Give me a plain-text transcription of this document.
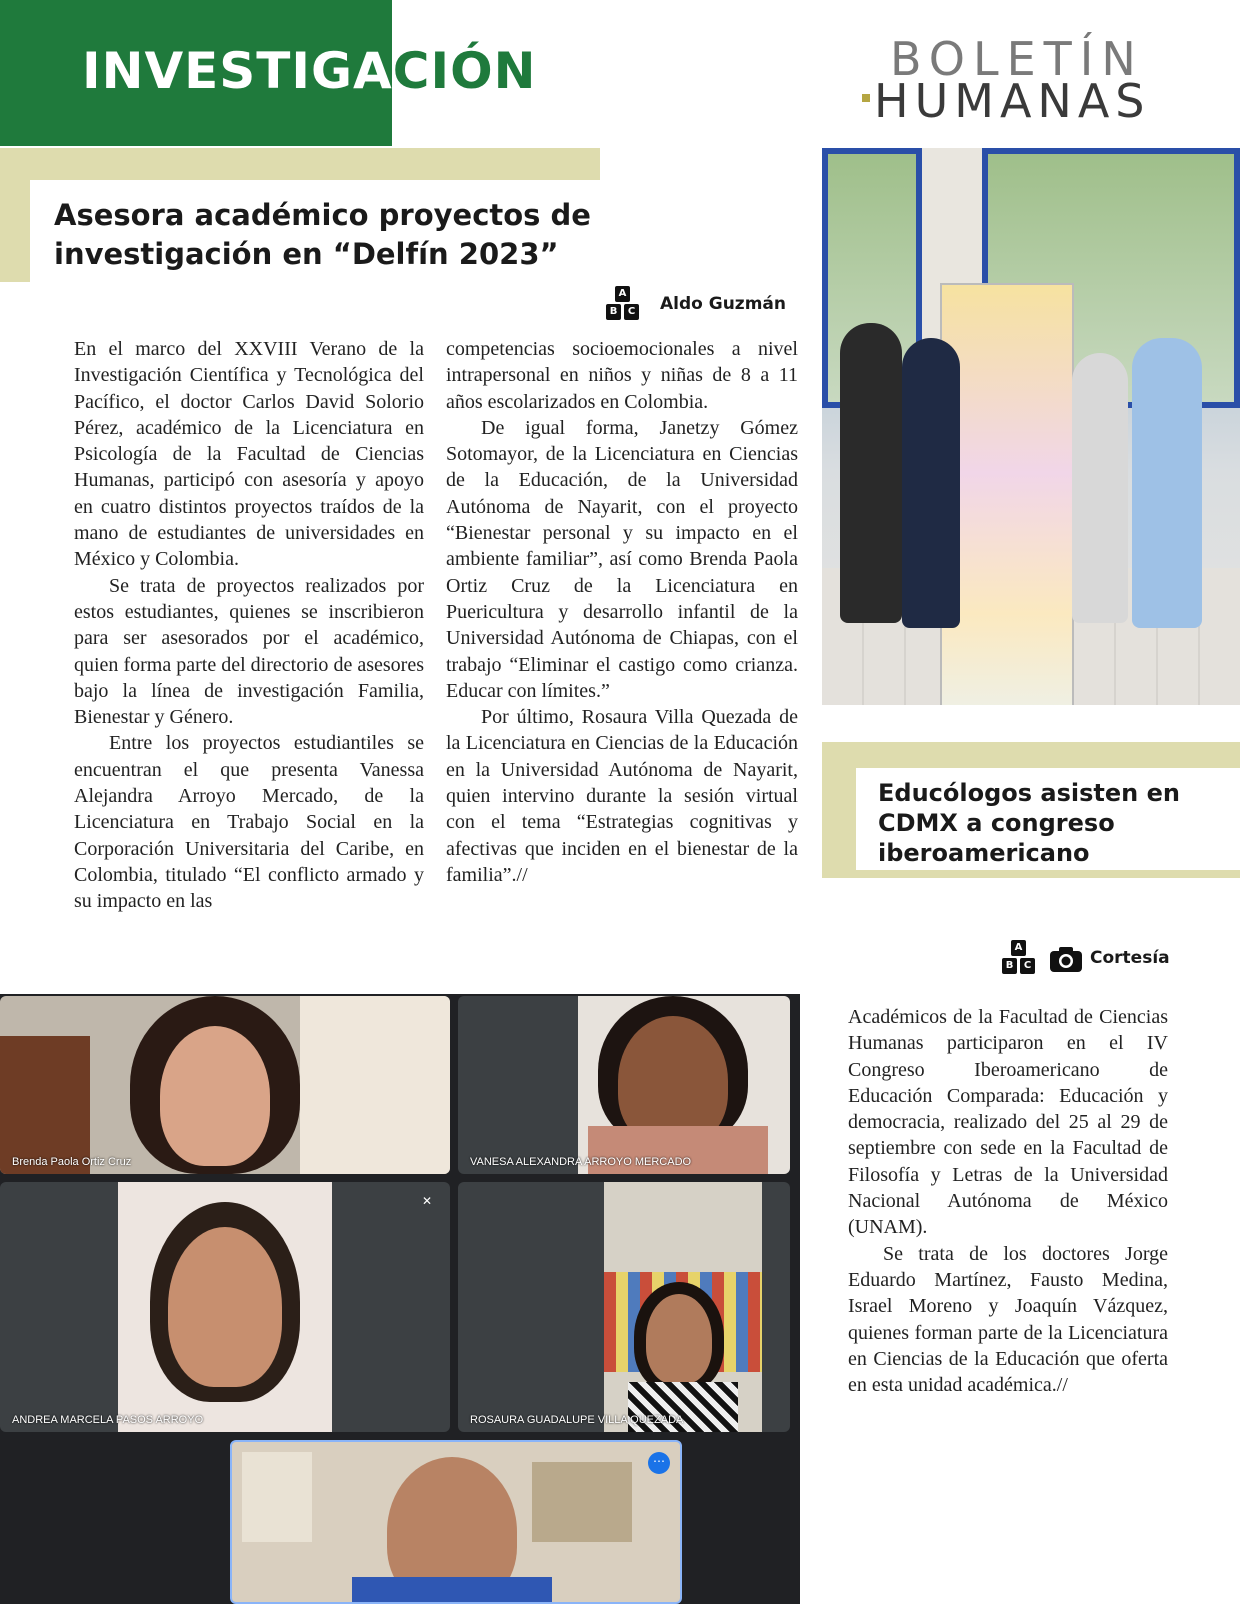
INVESTIGACIÓN	BOLETÍN
HUMANAS
Asesora académico proyectos de investigación en “Delfín 2023”
A
B	C Aldo Guzmán

En el marco del XXVIII Verano de la Investigación Científica y Tecnológica del Pacífico, el doctor Carlos David Solorio Pérez, académico de la Licenciatura en Psicología de la Facultad de Ciencias Humanas, participó con asesoría y apoyo en cuatro distintos proyectos traídos de la mano de estudiantes de universidades en México y Colombia.

Se trata de proyectos realizados por estos estudiantes, quienes se inscribieron para ser asesorados por el académico, quien forma parte del directorio de asesores bajo la línea de investigación Familia, Bienestar y Género.

Entre los proyectos estudiantiles se encuentran el que presenta Vanessa Alejandra Arroyo Mercado, de la Licenciatura en Trabajo Social en la Corporación Universitaria del Caribe, en Colombia, titulado “El conflicto armado y su impacto en las

competencias socioemocionales a nivel intrapersonal en niños y niñas de 8 a 11 años escolarizados en Colombia.

De igual forma, Janetzy Gómez Sotomayor, de la Licenciatura en Ciencias de la Educación, de la Universidad Autónoma de Nayarit, con el proyecto “Bienestar personal y su impacto en el ambiente familiar”, así como Brenda Paola Ortiz Cruz de la Licenciatura en Puericultura y desarrollo infantil de la Universidad Autónoma de Chiapas, con el trabajo “Eliminar el castigo como crianza. Educar con límites.”

Por último, Rosaura Villa Quezada de la Licenciatura en Ciencias de la Educación en la Universidad Autónoma de Nayarit, quien intervino durante la sesión virtual con el tema “Estrategias cognitivas y afectivas que inciden en el bienestar de la familia”.//

Educólogos asisten en CDMX a congreso iberoamericano
A
B	C	Cortesía

Académicos de la Facultad de Ciencias Humanas participaron en el IV Congreso Iberoamericano de Educación Comparada: Educación y democracia, realizado del 25 al 29 de septiembre con sede en la Facultad de Filosofía y Letras de la Universidad Nacional Autónoma de México (UNAM).

Se trata de los doctores Jorge Eduardo Martínez, Fausto Medina, Israel Moreno y Joaquín Vázquez, quienes forman parte de la Licenciatura en Ciencias de la Educación que oferta en esta unidad académica.//

Brenda Paola Ortiz Cruz	VANESA ALEXANDRA ARROYO MERCADO
✕
ANDREA MARCELA PASOS ARROYO	ROSAURA GUADALUPE VILLA QUEZADA
⋯
